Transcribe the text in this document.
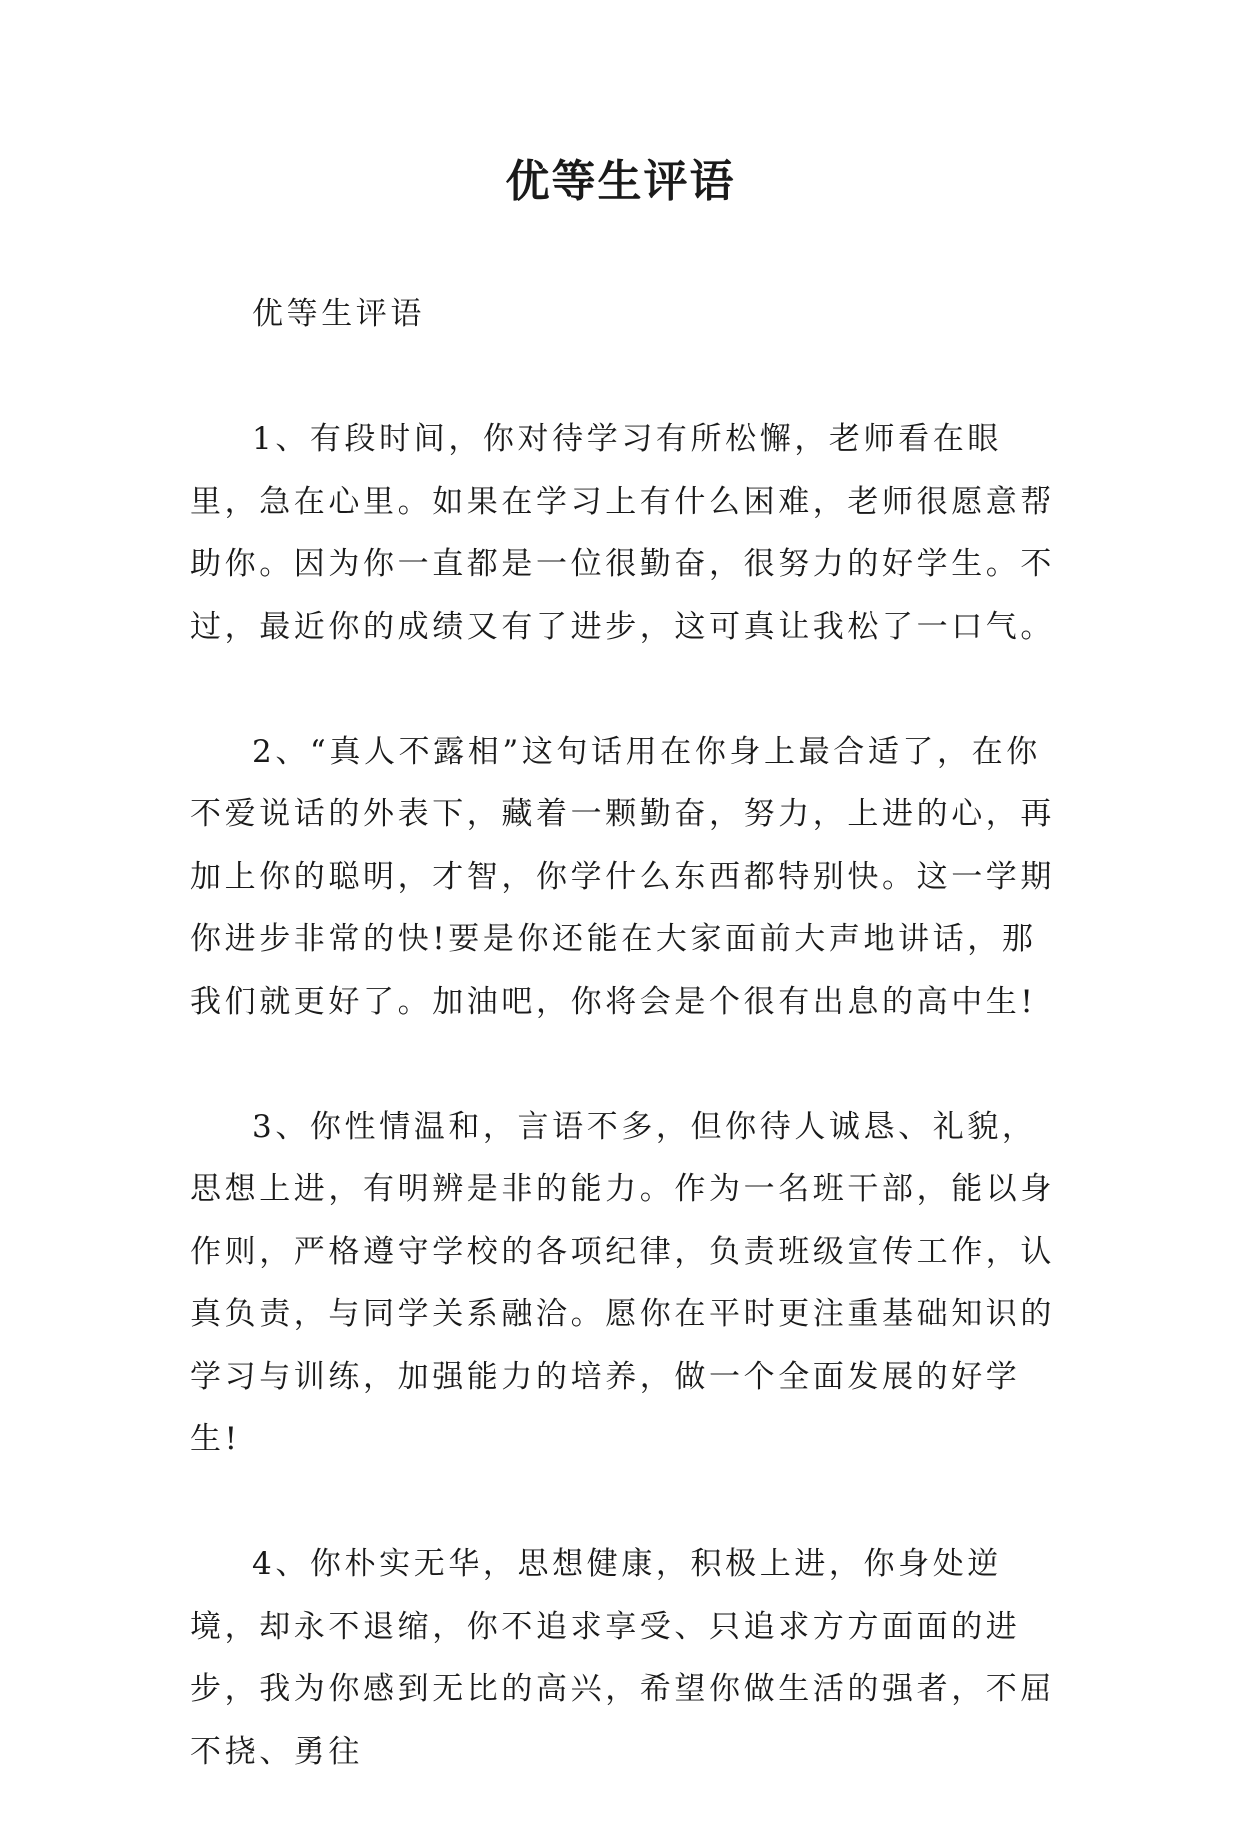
优等生评语

优等生评语

1、有段时间，你对待学习有所松懈，老师看在眼里，急在心里。如果在学习上有什么困难，老师很愿意帮助你。因为你一直都是一位很勤奋，很努力的好学生。不过，最近你的成绩又有了进步，这可真让我松了一口气。

2、“真人不露相”这句话用在你身上最合适了，在你不爱说话的外表下，藏着一颗勤奋，努力，上进的心，再加上你的聪明，才智，你学什么东西都特别快。这一学期你进步非常的快!要是你还能在大家面前大声地讲话，那我们就更好了。加油吧，你将会是个很有出息的高中生!

3、你性情温和，言语不多，但你待人诚恳、礼貌，思想上进，有明辨是非的能力。作为一名班干部，能以身作则，严格遵守学校的各项纪律，负责班级宣传工作，认真负责，与同学关系融洽。愿你在平时更注重基础知识的学习与训练，加强能力的培养，做一个全面发展的好学生!

4、你朴实无华，思想健康，积极上进，你身处逆境，却永不退缩，你不追求享受、只追求方方面面的进步，我为你感到无比的高兴，希望你做生活的强者，不屈不挠、勇往
